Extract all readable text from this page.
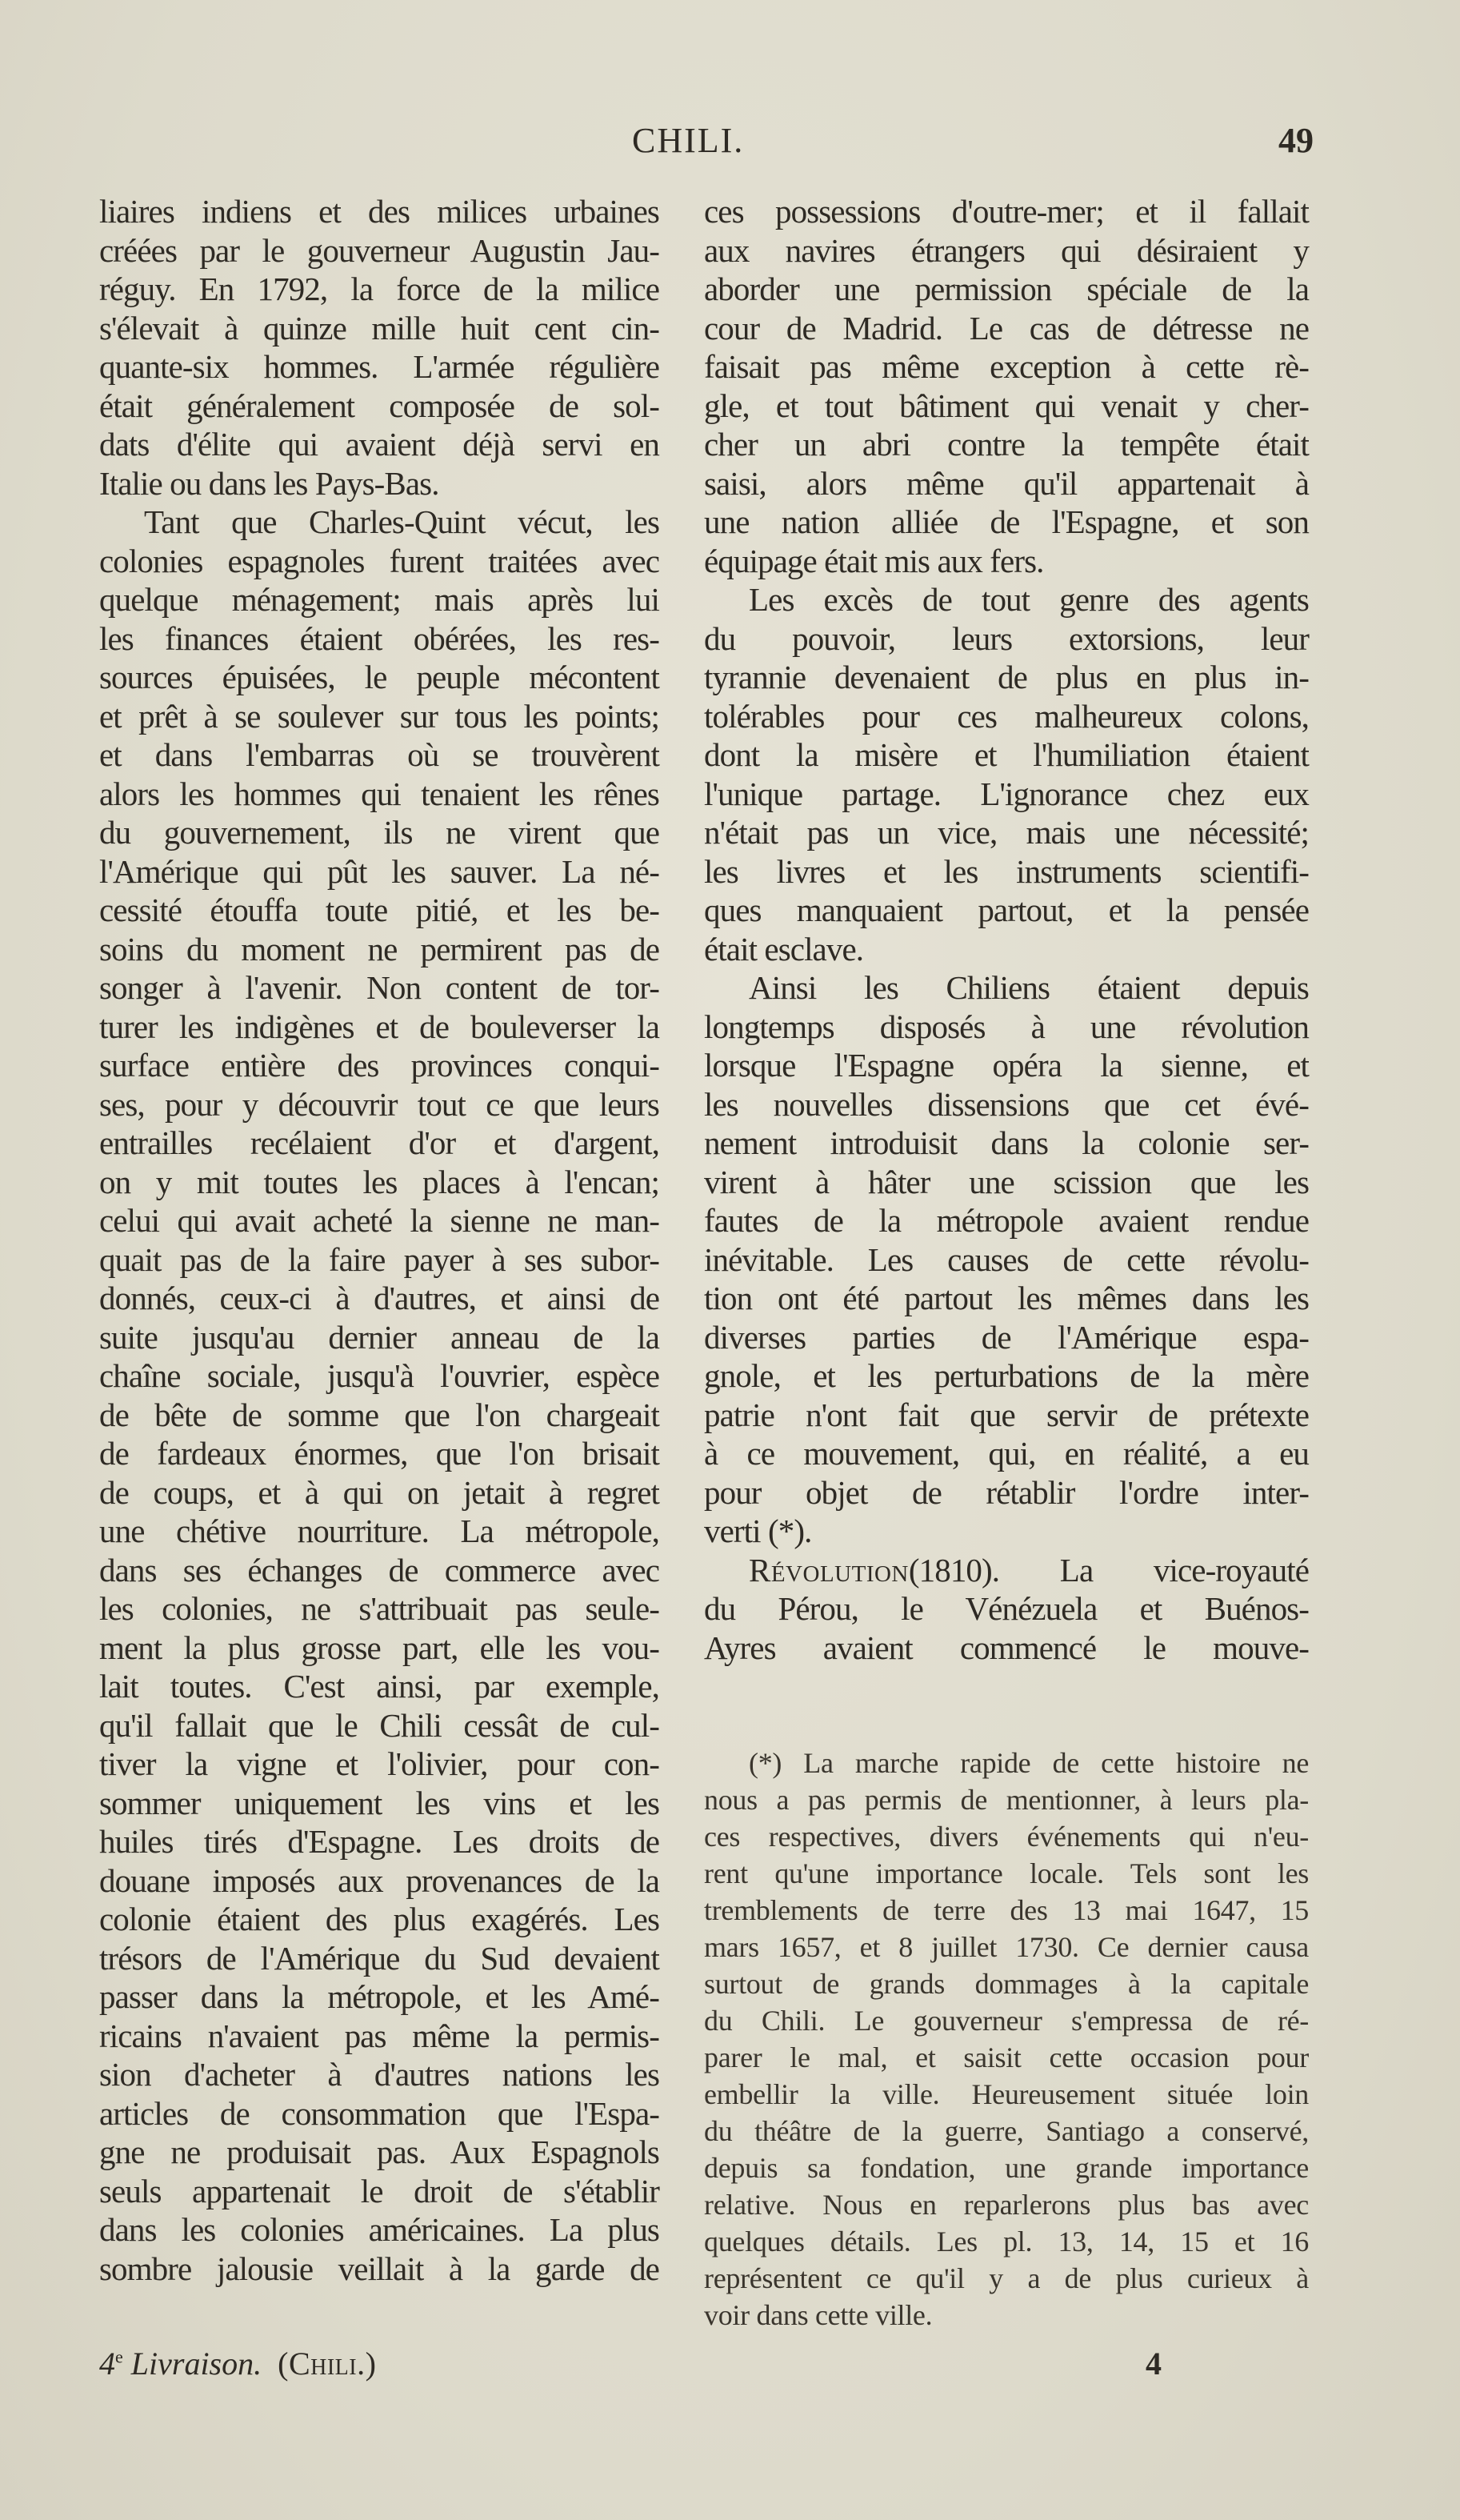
CHILI.	49
liaires indiens et des milices urbaines
créées par le gouverneur Augustin Jau-
réguy. En 1792, la force de la milice
s'élevait à quinze mille huit cent cin-
quante-six hommes. L'armée régulière
était généralement composée de sol-
dats d'élite qui avaient déjà servi en
Italie ou dans les Pays-Bas.
Tant que Charles-Quint vécut, les
colonies espagnoles furent traitées avec
quelque ménagement; mais après lui
les finances étaient obérées, les res-
sources épuisées, le peuple mécontent
et prêt à se soulever sur tous les points;
et dans l'embarras où se trouvèrent
alors les hommes qui tenaient les rênes
du gouvernement, ils ne virent que
l'Amérique qui pût les sauver. La né-
cessité étouffa toute pitié, et les be-
soins du moment ne permirent pas de
songer à l'avenir. Non content de tor-
turer les indigènes et de bouleverser la
surface entière des provinces conqui-
ses, pour y découvrir tout ce que leurs
entrailles recélaient d'or et d'argent,
on y mit toutes les places à l'encan;
celui qui avait acheté la sienne ne man-
quait pas de la faire payer à ses subor-
donnés, ceux-ci à d'autres, et ainsi de
suite jusqu'au dernier anneau de la
chaîne sociale, jusqu'à l'ouvrier, espèce
de bête de somme que l'on chargeait
de fardeaux énormes, que l'on brisait
de coups, et à qui on jetait à regret
une chétive nourriture. La métropole,
dans ses échanges de commerce avec
les colonies, ne s'attribuait pas seule-
ment la plus grosse part, elle les vou-
lait toutes. C'est ainsi, par exemple,
qu'il fallait que le Chili cessât de cul-
tiver la vigne et l'olivier, pour con-
sommer uniquement les vins et les
huiles tirés d'Espagne. Les droits de
douane imposés aux provenances de la
colonie étaient des plus exagérés. Les
trésors de l'Amérique du Sud devaient
passer dans la métropole, et les Amé-
ricains n'avaient pas même la permis-
sion d'acheter à d'autres nations les
articles de consommation que l'Espa-
gne ne produisait pas. Aux Espagnols
seuls appartenait le droit de s'établir
dans les colonies américaines. La plus
sombre jalousie veillait à la garde de
ces possessions d'outre-mer; et il fallait
aux navires étrangers qui désiraient y
aborder une permission spéciale de la
cour de Madrid. Le cas de détresse ne
faisait pas même exception à cette rè-
gle, et tout bâtiment qui venait y cher-
cher un abri contre la tempête était
saisi, alors même qu'il appartenait à
une nation alliée de l'Espagne, et son
équipage était mis aux fers.
Les excès de tout genre des agents
du pouvoir, leurs extorsions, leur
tyrannie devenaient de plus en plus in-
tolérables pour ces malheureux colons,
dont la misère et l'humiliation étaient
l'unique partage. L'ignorance chez eux
n'était pas un vice, mais une nécessité;
les livres et les instruments scientifi-
ques manquaient partout, et la pensée
était esclave.
Ainsi les Chiliens étaient depuis
longtemps disposés à une révolution
lorsque l'Espagne opéra la sienne, et
les nouvelles dissensions que cet évé-
nement introduisit dans la colonie ser-
virent à hâter une scission que les
fautes de la métropole avaient rendue
inévitable. Les causes de cette révolu-
tion ont été partout les mêmes dans les
diverses parties de l'Amérique espa-
gnole, et les perturbations de la mère
patrie n'ont fait que servir de prétexte
à ce mouvement, qui, en réalité, a eu
pour objet de rétablir l'ordre inter-
verti (*).
Révolution(1810). La vice-royauté
du Pérou, le Vénézuela et Buénos-
Ayres avaient commencé le mouve-
(*) La marche rapide de cette histoire ne
nous a pas permis de mentionner, à leurs pla-
ces respectives, divers événements qui n'eu-
rent qu'une importance locale. Tels sont les
tremblements de terre des 13 mai 1647, 15
mars 1657, et 8 juillet 1730. Ce dernier causa
surtout de grands dommages à la capitale
du Chili. Le gouverneur s'empressa de ré-
parer le mal, et saisit cette occasion pour
embellir la ville. Heureusement située loin
du théâtre de la guerre, Santiago a conservé,
depuis sa fondation, une grande importance
relative. Nous en reparlerons plus bas avec
quelques détails. Les pl. 13, 14, 15 et 16
représentent ce qu'il y a de plus curieux à
voir dans cette ville.
4e Livraison. (Chili.)	4
